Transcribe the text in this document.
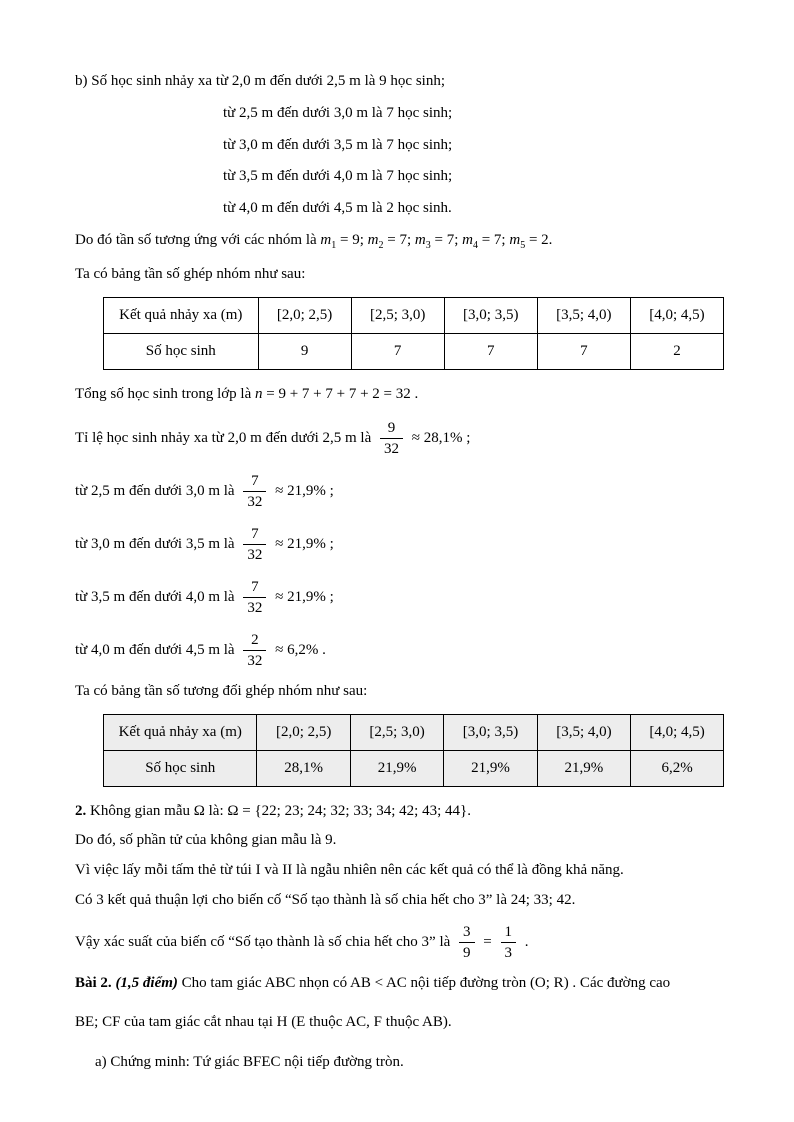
b) Số học sinh nhảy xa từ 2,0 m đến dưới 2,5 m là 9 học sinh;
từ 2,5 m đến dưới 3,0 m là 7 học sinh;
từ 3,0 m đến dưới 3,5 m là 7 học sinh;
từ 3,5 m đến dưới 4,0 m là 7 học sinh;
từ 4,0 m đến dưới 4,5 m là 2 học sinh.
Do đó tần số tương ứng với các nhóm là $m_1 = 9$; $m_2 = 7$; $m_3 = 7$; $m_4 = 7$; $m_5 = 2$.
Ta có bảng tần số ghép nhóm như sau:
Kết quả nhảy xa (m)	[2,0; 2,5)	[2,5; 3,0)	[3,0; 3,5)	[3,5; 4,0)	[4,0; 4,5)
Số học sinh	9	7	7	7	2
Tổng số học sinh trong lớp là n = 9 + 7 + 7 + 7 + 2 = 32 .
Tỉ lệ học sinh nhảy xa từ 2,0 m đến dưới 2,5 m là $\frac{9}{32} \approx 28,1\%$ ;
từ 2,5 m đến dưới 3,0 m là $\frac{7}{32} \approx 21,9\%$ ;
từ 3,0 m đến dưới 3,5 m là $\frac{7}{32} \approx 21,9\%$ ;
từ 3,5 m đến dưới 4,0 m là $\frac{7}{32} \approx 21,9\%$ ;
từ 4,0 m đến dưới 4,5 m là $\frac{2}{32} \approx 6,2\%$ .
Ta có bảng tần số tương đối ghép nhóm như sau:
Kết quả nhảy xa (m)	[2,0; 2,5)	[2,5; 3,0)	[3,0; 3,5)	[3,5; 4,0)	[4,0; 4,5)
Số học sinh	28,1%	21,9%	21,9%	21,9%	6,2%
2. Không gian mẫu Ω là: Ω = {22; 23; 24; 32; 33; 34; 42; 43; 44}.
Do đó, số phần tử của không gian mẫu là 9.
Vì việc lấy mỗi tấm thẻ từ túi I và II là ngẫu nhiên nên các kết quả có thể là đồng khả năng.
Có 3 kết quả thuận lợi cho biến cố “Số tạo thành là số chia hết cho 3” là 24; 33; 42.
Vậy xác suất của biến cố “Số tạo thành là số chia hết cho 3” là $\frac{3}{9} = \frac{1}{3}$ .
Bài 2. (1,5 điểm) Cho tam giác ABC nhọn có AB < AC nội tiếp đường tròn (O; R) . Các đường cao
BE; CF của tam giác cắt nhau tại H (E thuộc AC, F thuộc AB).
a) Chứng minh: Tứ giác BFEC nội tiếp đường tròn.
